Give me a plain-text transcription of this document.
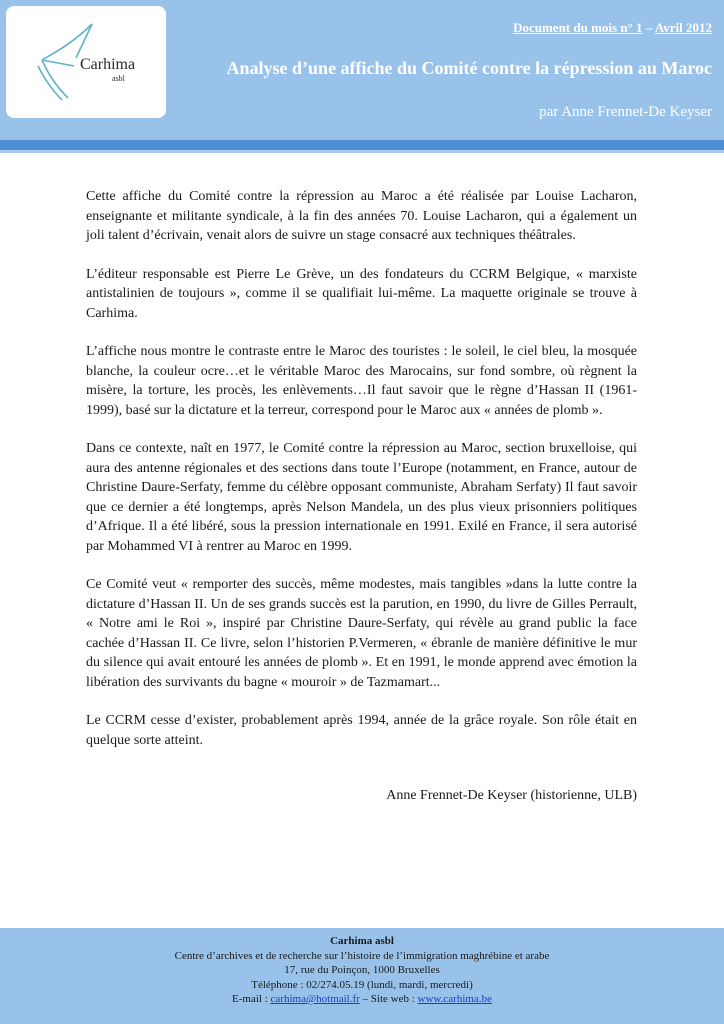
Carhima
asbl
Document du mois n° 1 – Avril 2012
Analyse d’une affiche du Comité contre la répression au Maroc
par Anne Frennet-De Keyser

Cette affiche du Comité contre la répression au Maroc a été réalisée par Louise Lacharon, enseignante et militante syndicale, à la fin des années 70. Louise Lacharon, qui a également un joli talent d’écrivain, venait alors de suivre un stage consacré aux techniques théâtrales.

L’éditeur responsable est Pierre Le Grève, un des fondateurs du CCRM Belgique, « marxiste antistalinien de toujours », comme il se qualifiait lui-même. La maquette originale se trouve à Carhima.

L’affiche nous montre le contraste entre le Maroc des touristes : le soleil, le ciel bleu, la mosquée blanche, la couleur ocre…et le véritable Maroc des Marocains, sur fond sombre, où règnent la misère, la torture, les procès, les enlèvements…Il faut savoir que le règne d’Hassan II (1961-1999), basé sur la dictature et la terreur, correspond pour le Maroc aux « années de plomb ».

Dans ce contexte, naît en 1977, le Comité contre la répression au Maroc, section bruxelloise, qui aura des antenne régionales et des sections dans toute l’Europe (notamment, en France, autour de Christine Daure-Serfaty, femme du célèbre opposant communiste, Abraham Serfaty) Il faut savoir que ce dernier a été longtemps, après Nelson Mandela, un des plus vieux prisonniers politiques d’Afrique. Il a été libéré, sous la pression internationale en 1991. Exilé en France, il sera autorisé par Mohammed VI à rentrer au Maroc en 1999.

Ce Comité veut « remporter des succès, même modestes, mais tangibles »dans la lutte contre la dictature d’Hassan II. Un de ses grands succès est la parution, en 1990, du livre de Gilles Perrault, « Notre ami le Roi », inspiré par Christine Daure-Serfaty, qui révèle au grand public la face cachée d’Hassan II. Ce livre, selon l’historien P.Vermeren, « ébranle de manière définitive le mur du silence qui avait entouré les années de plomb ». Et en 1991, le monde apprend avec émotion la libération des survivants du bagne « mouroir » de Tazmamart...

Le CCRM cesse d’exister, probablement après 1994, année de la grâce royale. Son rôle était en quelque sorte atteint.

Anne Frennet-De Keyser (historienne, ULB)
Carhima asbl
Centre d’archives et de recherche sur l’histoire de l’immigration maghrébine et arabe
17, rue du Poinçon, 1000 Bruxelles
Téléphone : 02/274.05.19 (lundi, mardi, mercredi)
E-mail : carhima@hotmail.fr – Site web : www.carhima.be
